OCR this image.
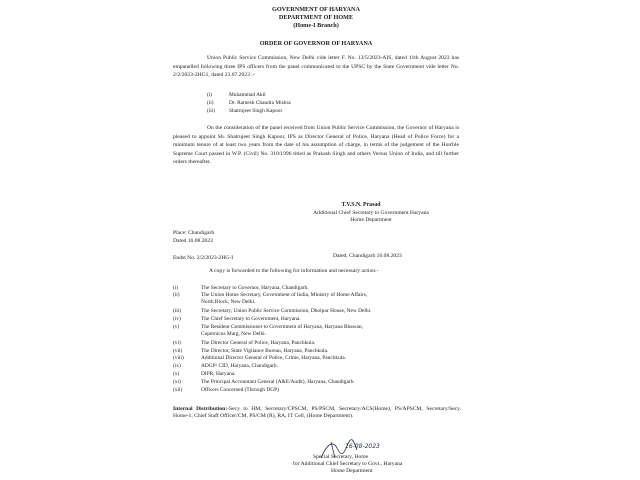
GOVERNMENT OF HARYANA
DEPARTMENT OF HOME
(Home-I Branch)
ORDER OF GOVERNOR OF HARYANA
Union Public Service Commission, New Delhi vide letter F. No. 13/5/2023-AIS, dated 11th August 2023 has empanelled following three IPS officers from the panel communicated to the UPSC by the State Government vide letter No. 2/2/2023-2HG1, dated 23.07.2023 :-
(i)	Muhammad Akil
(ii)	Dr. Ramesh Chandra Mishra
(iii)	Shatrujeet Singh Kapoor
On the consideration of the panel received from Union Public Service Commission, the Governor of Haryana is pleased to appoint Sh. Shatrujeet Singh Kapoor, IPS as Director General of Police, Haryana (Head of Police Force) for a minimum tenure of at least two years from the date of his assumption of charge, in terms of the judgement of the Hon'ble Supreme Court passed in W.P. (Civil) No. 310/1996 titled as Prakash Singh and others Versus Union of India, and till further orders thereafter.
T.V.S.N. Prasad
Additional Chief Secretary to Government Haryana
Home Department
Place: Chandigarh
Dated 16.08.2023
Endst No. 2/2/2023-2HG-I	Dated, Chandigarh 16.08.2023
A copy is forwarded to the following for information and necessary action:-
(i)	The Secretary to Governor, Haryana, Chandigarh.
(ii)	The Union Home Secretary, Government of India, Ministry of Home Affairs,
North Block, New Delhi.
(iii)	The Secretary, Union Public Service Commission, Dholpur House, New Delhi.
(iv)	The Chief Secretary to Government, Haryana.
(v)	The Resident Commissioner to Government of Haryana, Haryana Bhawan,
Copernicus Marg, New Delhi.
(vi)	The Director General of Police, Haryana, Panchkula.
(vii)	The Director, State Vigilance Bureau, Haryana, Panchkula.
(viii)	Additional Director General of Police, Crime, Haryana, Panchkula.
(ix)	ADGP/ CID, Haryana, Chandigarh.
(x)	DIPR, Haryana.
(xi)	The Principal Accountant General (A&E/Audit), Haryana, Chandigarh.
(xii)	Officers Concerned (Through DGP)
Internal Distribution:-Secy to HM, Secretary/CPSCM, PS/PSCM, Secretary/ACS(Home), PS/APSCM, Secretary/Secy. Home-1, Chief Staff Officer/CM, PS/CM (R), RA, IT Cell, (Home Department).
16-08-2023
Special Secretary, Home
for Additional Chief Secretary to Govt., Haryana
Home Department
